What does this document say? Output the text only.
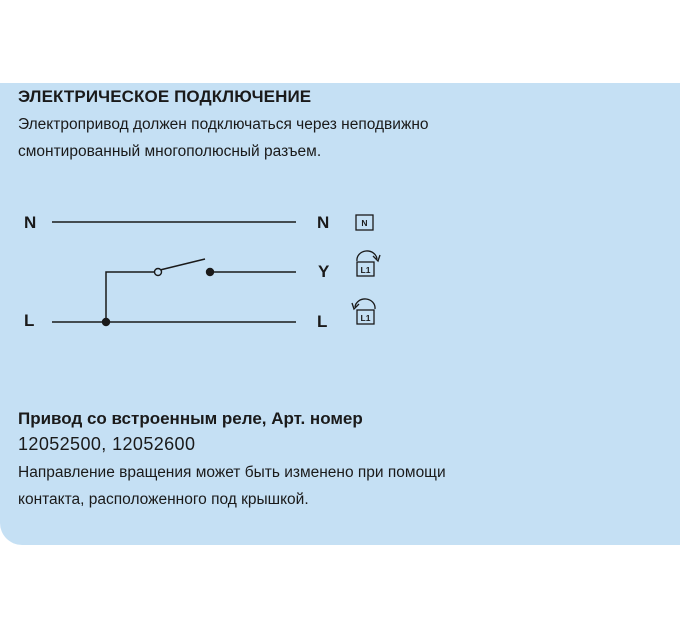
ЭЛЕКТРИЧЕСКОЕ ПОДКЛЮЧЕНИЕ
Электропривод должен подключаться через неподвижно
смонтированный многополюсный разъем.
N
L
N
Y
L
N
L1
L1
Привод со встроенным реле, Арт. номер
12052500, 12052600
Направление вращения может быть изменено при помощи
контакта, расположенного под крышкой.
